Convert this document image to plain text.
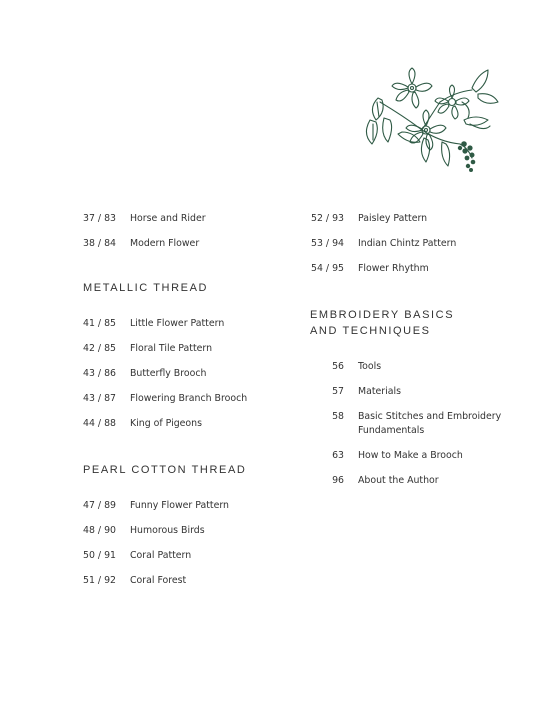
37 / 83 Horse and Rider
38 / 84 Modern Flower
METALLIC THREAD
41 / 85 Little Flower Pattern
42 / 85 Floral Tile Pattern
43 / 86 Butterfly Brooch
43 / 87 Flowering Branch Brooch
44 / 88 King of Pigeons
PEARL COTTON THREAD
47 / 89 Funny Flower Pattern
48 / 90 Humorous Birds
50 / 91 Coral Pattern
51 / 92 Coral Forest
52 / 93 Paisley Pattern
53 / 94 Indian Chintz Pattern
54 / 95 Flower Rhythm
EMBROIDERY BASICS
AND TECHNIQUES
56 Tools
57 Materials
58 Basic Stitches and Embroidery Fundamentals
63 How to Make a Brooch
96 About the Author
